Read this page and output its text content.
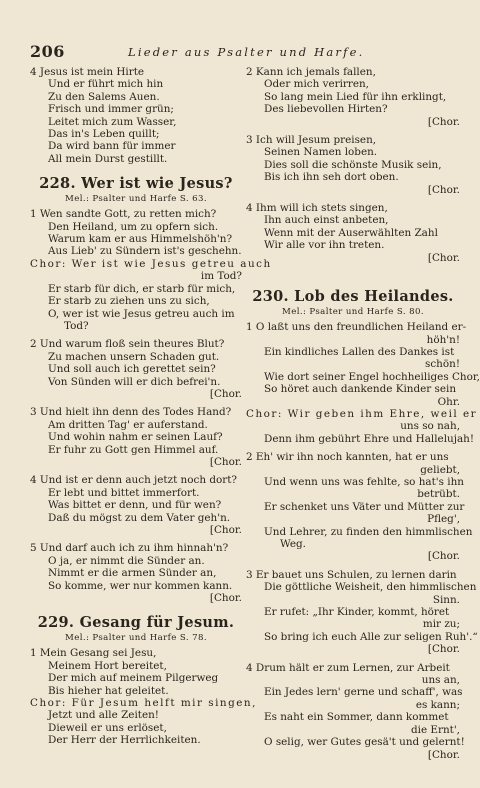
206	Lieder aus Psalter und Harfe.
4 Jesus ist mein Hirte
Und er führt mich hin
Zu den Salems Auen.
Frisch und immer grün;
Leitet mich zum Wasser,
Das in's Leben quillt;
Da wird bann für immer
All mein Durst gestillt.
228. Wer ist wie Jesus?
Mel.: Psalter und Harfe S. 63.
1 Wen sandte Gott, zu retten mich?
Den Heiland, um zu opfern sich.
Warum kam er aus Himmelshöh'n?
Aus Lieb' zu Sündern ist's geschehn.
Chor: Wer ist wie Jesus getreu auch
im Tod?
Er starb für dich, er starb für mich,
Er starb zu ziehen uns zu sich,
O, wer ist wie Jesus getreu auch im
Tod?
2 Und warum floß sein theures Blut?
Zu machen unsern Schaden gut.
Und soll auch ich gerettet sein?
Von Sünden will er dich befrei'n.
[Chor.
3 Und hielt ihn denn des Todes Hand?
Am dritten Tag' er auferstand.
Und wohin nahm er seinen Lauf?
Er fuhr zu Gott gen Himmel auf.
[Chor.
4 Und ist er denn auch jetzt noch dort?
Er lebt und bittet immerfort.
Was bittet er denn, und für wen?
Daß du mögst zu dem Vater geh'n.
[Chor.
5 Und darf auch ich zu ihm hinnah'n?
O ja, er nimmt die Sünder an.
Nimmt er die armen Sünder an,
So komme, wer nur kommen kann.
[Chor.
229. Gesang für Jesum.
Mel.: Psalter und Harfe S. 78.
1 Mein Gesang sei Jesu,
Meinem Hort bereitet,
Der mich auf meinem Pilgerweg
Bis hieher hat geleitet.
Chor: Für Jesum helft mir singen,
Jetzt und alle Zeiten!
Dieweil er uns erlöset,
Der Herr der Herrlichkeiten.
2 Kann ich jemals fallen,
Oder mich verirren,
So lang mein Lied für ihn erklingt,
Des liebevollen Hirten?
[Chor.
3 Ich will Jesum preisen,
Seinen Namen loben.
Dies soll die schönste Musik sein,
Bis ich ihn seh dort oben.
[Chor.
4 Ihm will ich stets singen,
Ihn auch einst anbeten,
Wenn mit der Auserwählten Zahl
Wir alle vor ihn treten.
[Chor.
230. Lob des Heilandes.
Mel.: Psalter und Harfe S. 80.
1 O laßt uns den freundlichen Heiland er-
höh'n!
Ein kindliches Lallen des Dankes ist
schön!
Wie dort seiner Engel hochheiliges Chor,
So höret auch dankende Kinder sein
Ohr.
Chor: Wir geben ihm Ehre, weil er
uns so nah,
Denn ihm gebührt Ehre und Hallelujah!
2 Eh' wir ihn noch kannten, hat er uns
geliebt,
Und wenn uns was fehlte, so hat's ihn
betrübt.
Er schenket uns Väter und Mütter zur
Pfleg',
Und Lehrer, zu finden den himmlischen
Weg.
[Chor.
3 Er bauet uns Schulen, zu lernen darin
Die göttliche Weisheit, den himmlischen
Sinn.
Er rufet: „Ihr Kinder, kommt, höret
mir zu;
So bring ich euch Alle zur seligen Ruh'.“
[Chor.
4 Drum hält er zum Lernen, zur Arbeit
uns an,
Ein Jedes lern' gerne und schaff', was
es kann;
Es naht ein Sommer, dann kommet
die Ernt',
O selig, wer Gutes gesä't und gelernt!
[Chor.
